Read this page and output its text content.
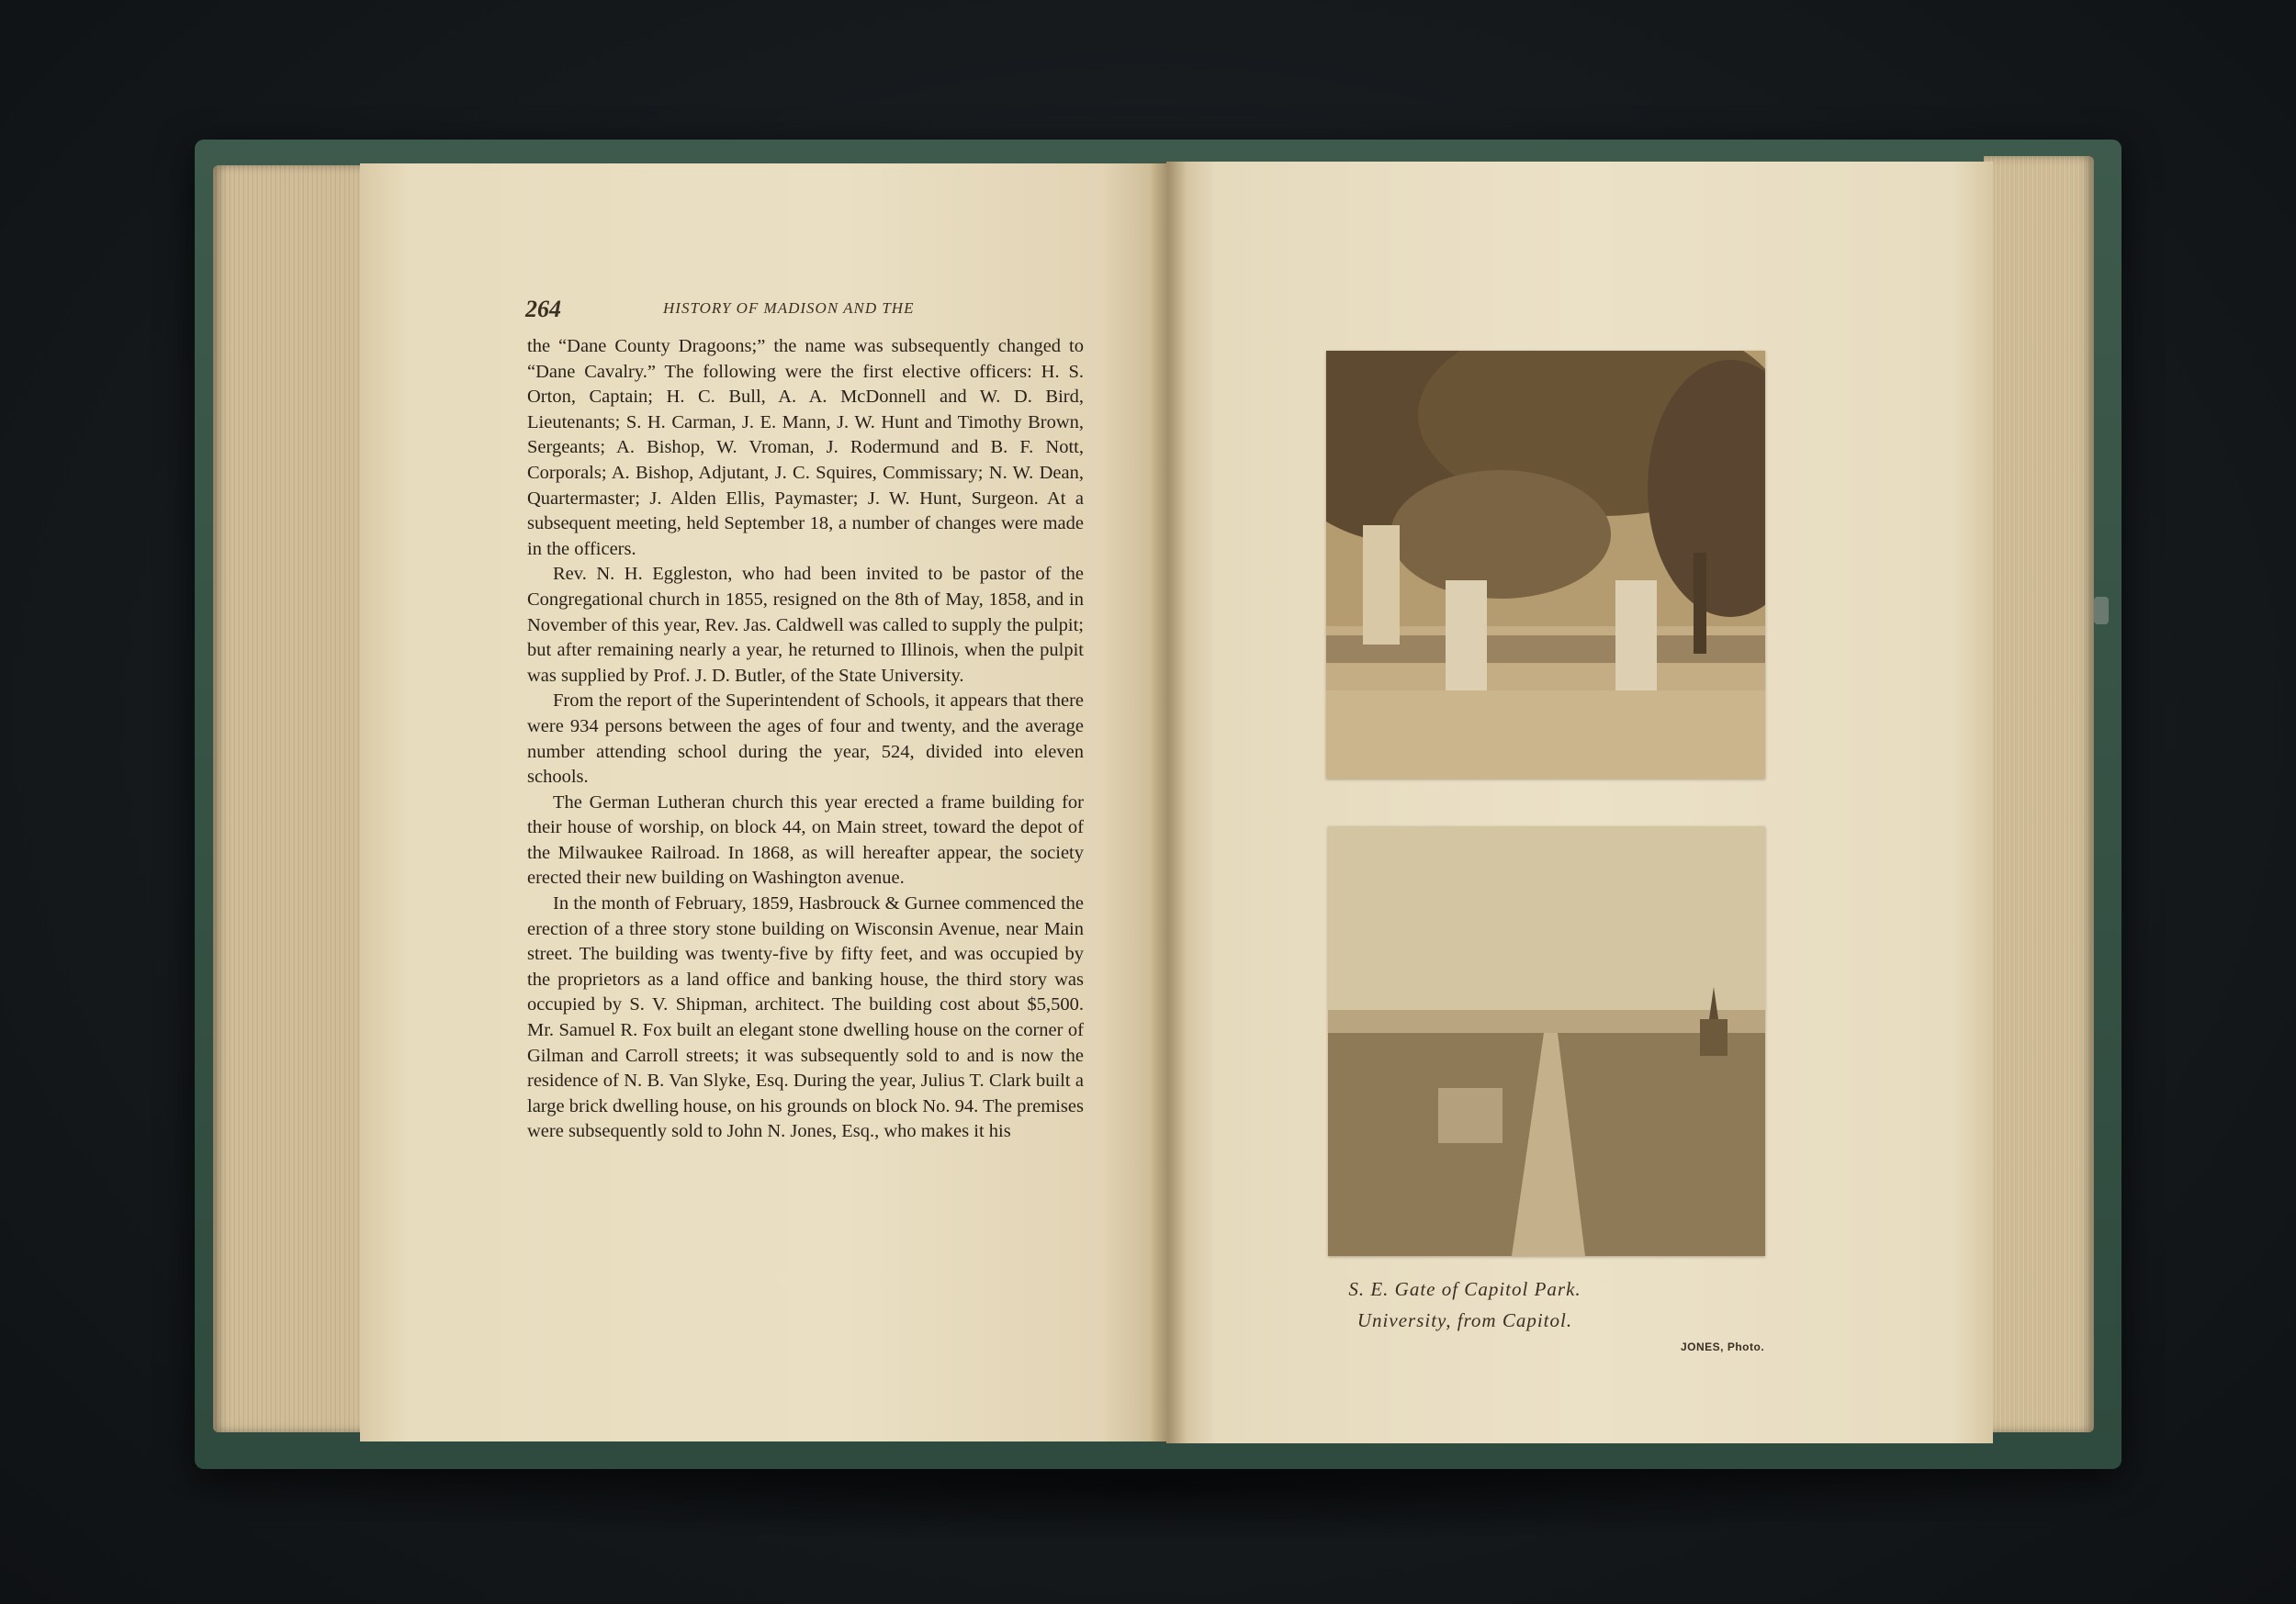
264	HISTORY OF MADISON AND THE

the “Dane County Dragoons;” the name was subsequently changed to “Dane Cavalry.” The following were the first elective officers: H. S. Orton, Captain; H. C. Bull, A. A. McDonnell and W. D. Bird, Lieutenants; S. H. Carman, J. E. Mann, J. W. Hunt and Timothy Brown, Sergeants; A. Bishop, W. Vroman, J. Rodermund and B. F. Nott, Corporals; A. Bishop, Adjutant, J. C. Squires, Commissary; N. W. Dean, Quartermaster; J. Alden Ellis, Paymaster; J. W. Hunt, Surgeon. At a subsequent meeting, held September 18, a number of changes were made in the officers.

Rev. N. H. Eggleston, who had been invited to be pastor of the Congregational church in 1855, resigned on the 8th of May, 1858, and in November of this year, Rev. Jas. Caldwell was called to supply the pulpit; but after remaining nearly a year, he returned to Illinois, when the pulpit was supplied by Prof. J. D. Butler, of the State University.

From the report of the Superintendent of Schools, it appears that there were 934 persons between the ages of four and twenty, and the average number attending school during the year, 524, divided into eleven schools.

The German Lutheran church this year erected a frame building for their house of worship, on block 44, on Main street, toward the depot of the Milwaukee Railroad. In 1868, as will hereafter appear, the society erected their new building on Washington avenue.

In the month of February, 1859, Hasbrouck & Gurnee commenced the erection of a three story stone building on Wisconsin Avenue, near Main street. The building was twenty-five by fifty feet, and was occupied by the proprietors as a land office and banking house, the third story was occupied by S. V. Shipman, architect. The building cost about $5,500. Mr. Samuel R. Fox built an elegant stone dwelling house on the corner of Gilman and Carroll streets; it was subsequently sold to and is now the residence of N. B. Van Slyke, Esq. During the year, Julius T. Clark built a large brick dwelling house, on his grounds on block No. 94. The premises were subsequently sold to John N. Jones, Esq., who makes it his

S. E. Gate of Capitol Park.
University, from Capitol.
JONES, Photo.
